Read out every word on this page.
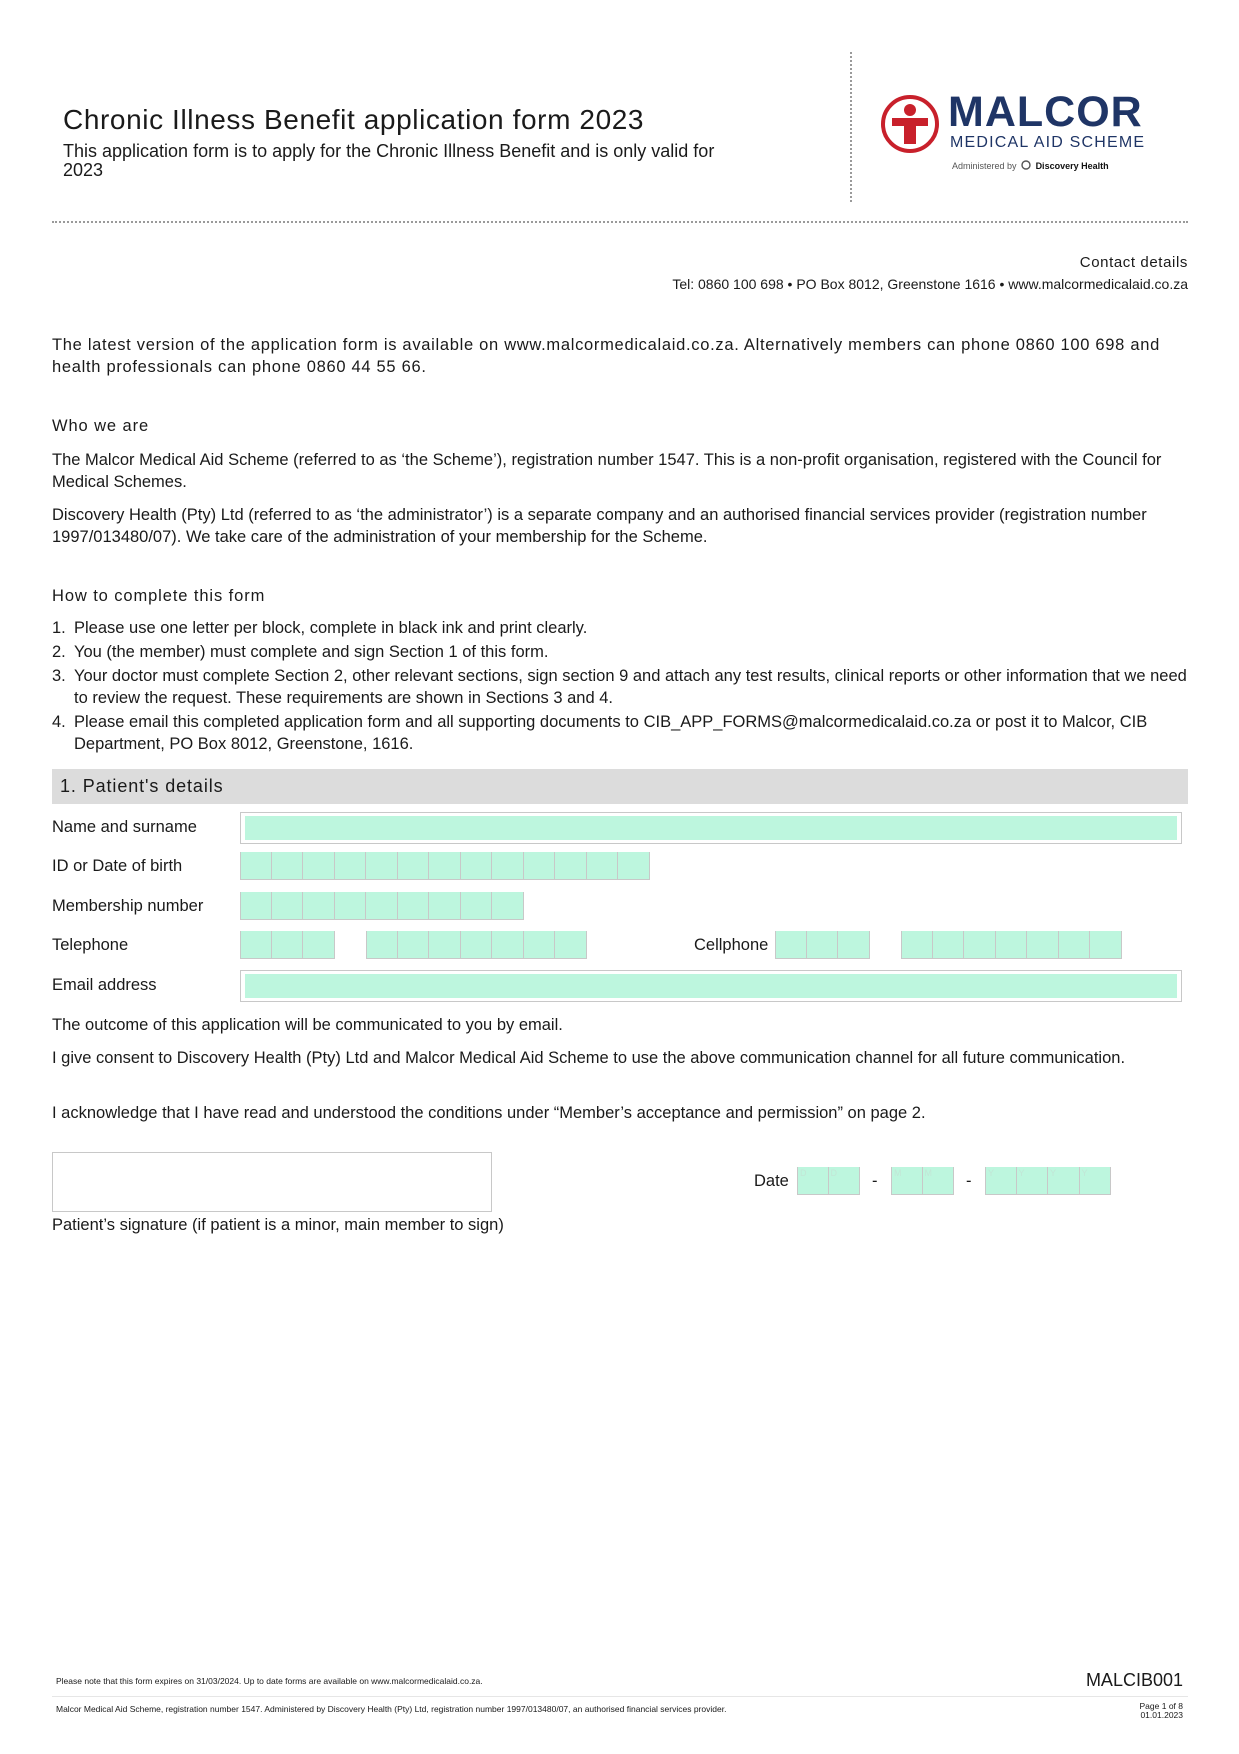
Chronic Illness Benefit application form 2023
This application form is to apply for the Chronic Illness Benefit and is only valid for 2023
MALCOR
MEDICAL AID SCHEME
Administered by Discovery Health
Contact details
Tel: 0860 100 698 • PO Box 8012, Greenstone 1616 • www.malcormedicalaid.co.za
The latest version of the application form is available on www.malcormedicalaid.co.za. Alternatively members can phone 0860 100 698 and health professionals can phone 0860 44 55 66.
Who we are
The Malcor Medical Aid Scheme (referred to as ‘the Scheme’), registration number 1547. This is a non-profit organisation, registered with the Council for Medical Schemes.
Discovery Health (Pty) Ltd (referred to as ‘the administrator’) is a separate company and an authorised financial services provider (registration number 1997/013480/07). We take care of the administration of your membership for the Scheme.
How to complete this form
1. Please use one letter per block, complete in black ink and print clearly.
2. You (the member) must complete and sign Section 1 of this form.
3. Your doctor must complete Section 2, other relevant sections, sign section 9 and attach any test results, clinical reports or other information that we need to review the request. These requirements are shown in Sections 3 and 4.
4. Please email this completed application form and all supporting documents to CIB_APP_FORMS@malcormedicalaid.co.za or post it to Malcor, CIB Department, PO Box 8012, Greenstone, 1616.
1. Patient's details
Name and surname
ID or Date of birth
Membership number
Telephone	Cellphone
Email address
The outcome of this application will be communicated to you by email.
I give consent to Discovery Health (Pty) Ltd and Malcor Medical Aid Scheme to use the above communication channel for all future communication.
I acknowledge that I have read and understood the conditions under “Member’s acceptance and permission” on page 2.
Patient’s signature (if patient is a minor, main member to sign)
Date D	D - M	M - Y	Y	Y	Y
Please note that this form expires on 31/03/2024. Up to date forms are available on www.malcormedicalaid.co.za.	MALCIB001
Malcor Medical Aid Scheme, registration number 1547. Administered by Discovery Health (Pty) Ltd, registration number 1997/013480/07, an authorised financial services provider.	Page 1 of 8
01.01.2023
